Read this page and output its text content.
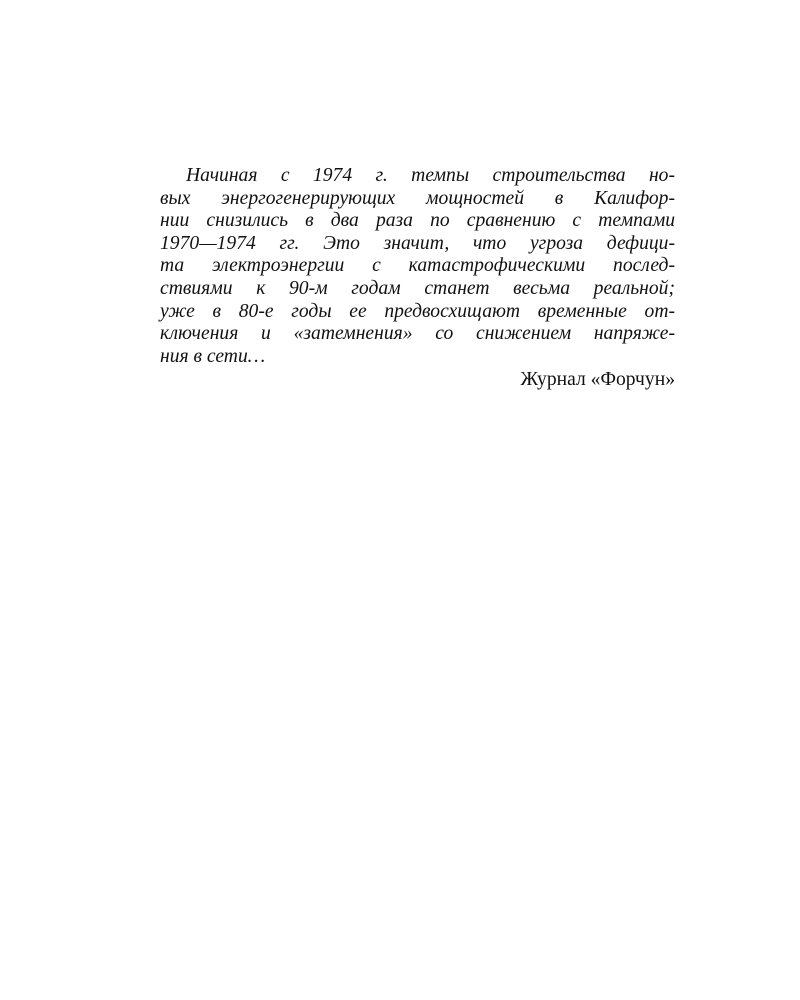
Начиная с 1974 г. темпы строительства но-
вых энергогенерирующих мощностей в Калифор-
нии снизились в два раза по сравнению с темпами
1970—1974 гг. Это значит, что угроза дефици-
та электроэнергии с катастрофическими послед-
ствиями к 90-м годам станет весьма реальной;
уже в 80-е годы ее предвосхищают временные от-
ключения и «затемнения» со снижением напряже-
ния в сети…

Журнал «Форчун»
